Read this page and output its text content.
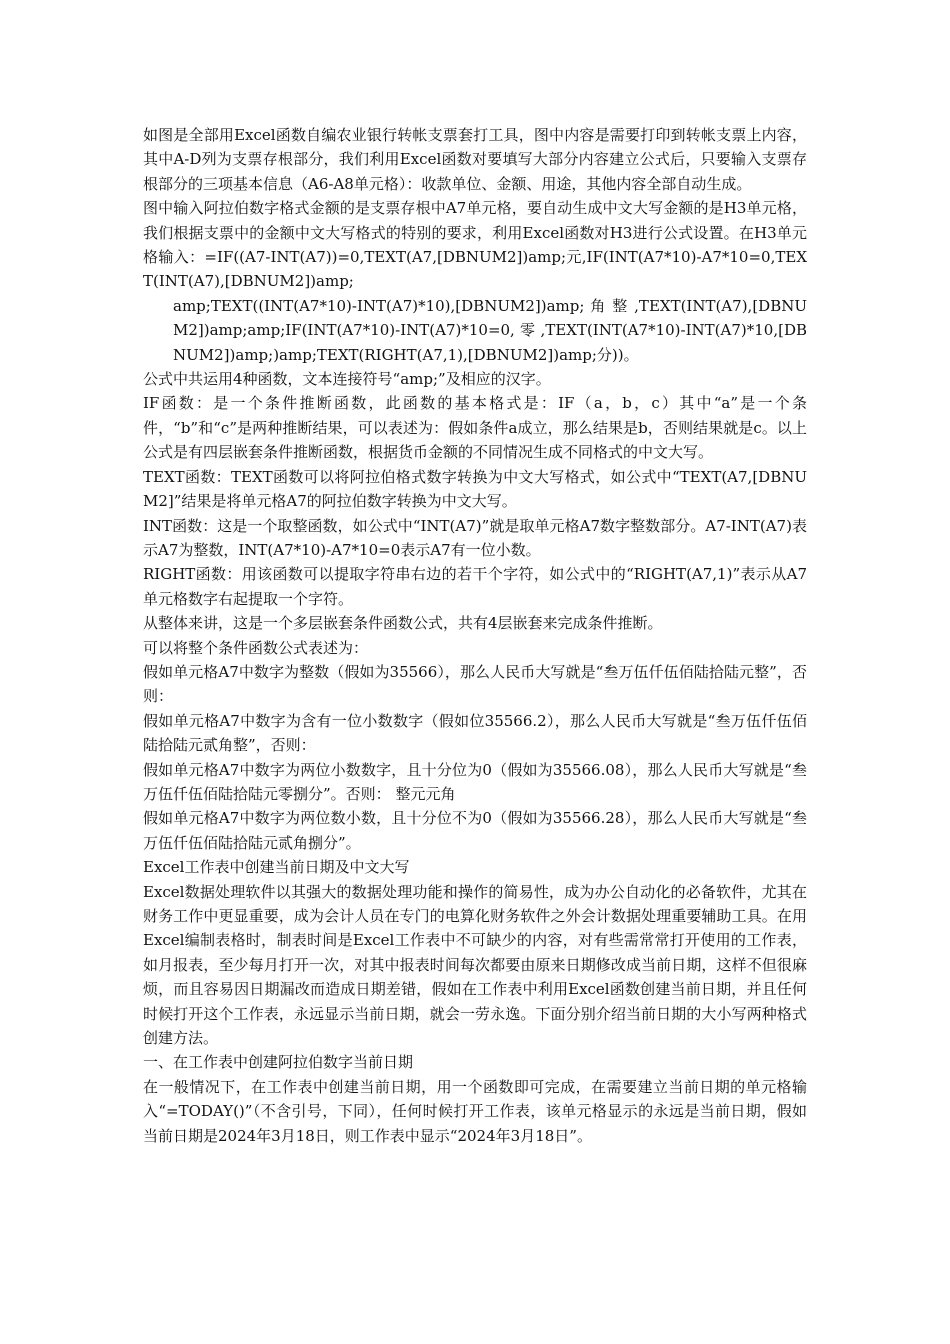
如图是全部用Excel函数自编农业银行转帐支票套打工具，图中内容是需要打印到转帐支票上内容，其中A-D列为支票存根部分，我们利用Excel函数对要填写大部分内容建立公式后，只要输入支票存根部分的三项基本信息（A6-A8单元格）：收款单位、金额、用途，其他内容全部自动生成。

图中输入阿拉伯数字格式金额的是支票存根中A7单元格，要自动生成中文大写金额的是H3单元格，我们根据支票中的金额中文大写格式的特别的要求，利用Excel函数对H3进行公式设置。在H3单元格输入：=IF((A7-INT(A7))=0,TEXT(A7,[DBNUM2])amp;元,IF(INT(A7*10)-A7*10=0,TEXT(INT(A7),[DBNUM2])amp;

amp;TEXT((INT(A7*10)-INT(A7)*10),[DBNUM2])amp; 角 整 ,TEXT(INT(A7),[DBNUM2])amp;amp;IF(INT(A7*10)-INT(A7)*10=0, 零 ,TEXT(INT(A7*10)-INT(A7)*10,[DBNUM2])amp;)amp;TEXT(RIGHT(A7,1),[DBNUM2])amp;分))。

公式中共运用4种函数，文本连接符号“amp;”及相应的汉字。

IF函数：是一个条件推断函数，此函数的基本格式是：IF（a，b，c）其中“a”是一个条件，“b”和“c”是两种推断结果，可以表述为：假如条件a成立，那么结果是b，否则结果就是c。以上公式是有四层嵌套条件推断函数，根据货币金额的不同情况生成不同格式的中文大写。

TEXT函数：TEXT函数可以将阿拉伯格式数字转换为中文大写格式，如公式中“TEXT(A7,[DBNUM2]”结果是将单元格A7的阿拉伯数字转换为中文大写。

INT函数：这是一个取整函数，如公式中“INT(A7)”就是取单元格A7数字整数部分。A7-INT(A7)表示A7为整数，INT(A7*10)-A7*10=0表示A7有一位小数。

RIGHT函数：用该函数可以提取字符串右边的若干个字符，如公式中的“RIGHT(A7,1)”表示从A7单元格数字右起提取一个字符。

从整体来讲，这是一个多层嵌套条件函数公式，共有4层嵌套来完成条件推断。

可以将整个条件函数公式表述为：

假如单元格A7中数字为整数（假如为35566），那么人民币大写就是“叁万伍仟伍佰陆拾陆元整”，否则：

假如单元格A7中数字为含有一位小数数字（假如位35566.2），那么人民币大写就是“叁万伍仟伍佰陆拾陆元贰角整”，否则：

假如单元格A7中数字为两位小数数字，且十分位为0（假如为35566.08），那么人民币大写就是“叁万伍仟伍佰陆拾陆元零捌分”。否则： 整元元角

假如单元格A7中数字为两位数小数，且十分位不为0（假如为35566.28），那么人民币大写就是“叁万伍仟伍佰陆拾陆元贰角捌分”。

Excel工作表中创建当前日期及中文大写

Excel数据处理软件以其强大的数据处理功能和操作的简易性，成为办公自动化的必备软件，尤其在财务工作中更显重要，成为会计人员在专门的电算化财务软件之外会计数据处理重要辅助工具。在用Excel编制表格时，制表时间是Excel工作表中不可缺少的内容，对有些需常常打开使用的工作表，如月报表，至少每月打开一次，对其中报表时间每次都要由原来日期修改成当前日期，这样不但很麻烦，而且容易因日期漏改而造成日期差错，假如在工作表中利用Excel函数创建当前日期，并且任何时候打开这个工作表，永远显示当前日期，就会一劳永逸。下面分别介绍当前日期的大小写两种格式创建方法。

一、在工作表中创建阿拉伯数字当前日期

在一般情况下，在工作表中创建当前日期，用一个函数即可完成，在需要建立当前日期的单元格输入“=TODAY()”（不含引号，下同），任何时候打开工作表，该单元格显示的永远是当前日期，假如当前日期是2024年3月18日，则工作表中显示“2024年3月18日”。
